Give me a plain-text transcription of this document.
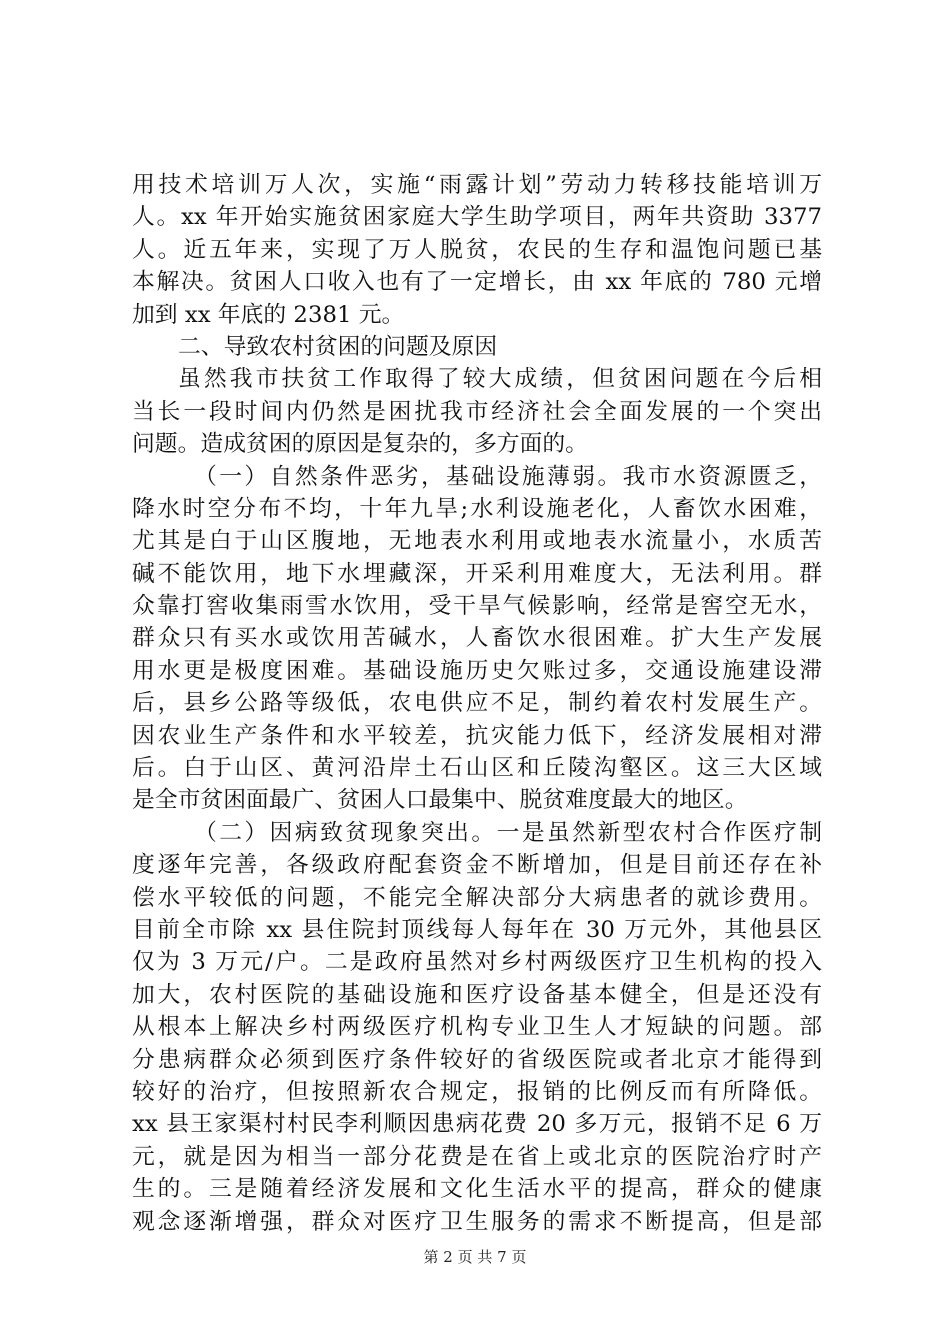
用技术培训万人次，实施“雨露计划”劳动力转移技能培训万
人。xx 年开始实施贫困家庭大学生助学项目，两年共资助 3377
人。近五年来，实现了万人脱贫，农民的生存和温饱问题已基
本解决。贫困人口收入也有了一定增长，由 xx 年底的 780 元增
加到 xx 年底的 2381 元。
二、导致农村贫困的问题及原因
虽然我市扶贫工作取得了较大成绩，但贫困问题在今后相
当长一段时间内仍然是困扰我市经济社会全面发展的一个突出
问题。造成贫困的原因是复杂的，多方面的。
（一）自然条件恶劣，基础设施薄弱。我市水资源匮乏，
降水时空分布不均，十年九旱;水利设施老化，人畜饮水困难，
尤其是白于山区腹地，无地表水利用或地表水流量小，水质苦
碱不能饮用，地下水埋藏深，开采利用难度大，无法利用。群
众靠打窖收集雨雪水饮用，受干旱气候影响，经常是窖空无水，
群众只有买水或饮用苦碱水，人畜饮水很困难。扩大生产发展
用水更是极度困难。基础设施历史欠账过多，交通设施建设滞
后，县乡公路等级低，农电供应不足，制约着农村发展生产。
因农业生产条件和水平较差，抗灾能力低下，经济发展相对滞
后。白于山区、黄河沿岸土石山区和丘陵沟壑区。这三大区域
是全市贫困面最广、贫困人口最集中、脱贫难度最大的地区。
（二）因病致贫现象突出。一是虽然新型农村合作医疗制
度逐年完善，各级政府配套资金不断增加，但是目前还存在补
偿水平较低的问题，不能完全解决部分大病患者的就诊费用。
目前全市除 xx 县住院封顶线每人每年在 30 万元外，其他县区
仅为 3 万元/户。二是政府虽然对乡村两级医疗卫生机构的投入
加大，农村医院的基础设施和医疗设备基本健全，但是还没有
从根本上解决乡村两级医疗机构专业卫生人才短缺的问题。部
分患病群众必须到医疗条件较好的省级医院或者北京才能得到
较好的治疗，但按照新农合规定，报销的比例反而有所降低。
xx 县王家渠村村民李利顺因患病花费 20 多万元，报销不足 6 万
元，就是因为相当一部分花费是在省上或北京的医院治疗时产
生的。三是随着经济发展和文化生活水平的提高，群众的健康
观念逐渐增强，群众对医疗卫生服务的需求不断提高，但是部
第 2 页 共 7 页
